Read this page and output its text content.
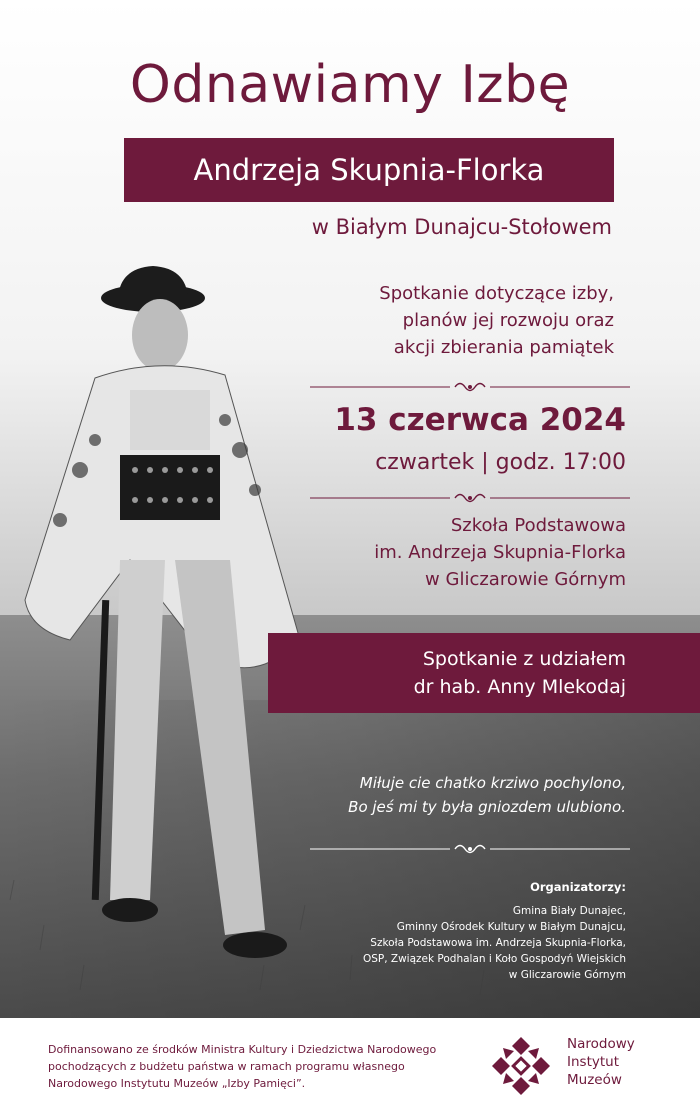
Odnawiamy Izbę
Andrzeja Skupnia-Florka
w Białym Dunajcu-Stołowem
Spotkanie dotyczące izby,
planów jej rozwoju oraz
akcji zbierania pamiątek
13 czerwca 2024
czwartek | godz. 17:00
Szkoła Podstawowa
im. Andrzeja Skupnia-Florka
w Gliczarowie Górnym
Spotkanie z udziałem
dr hab. Anny Mlekodaj
Miłuje cie chatko krziwo pochylono,
Bo jeś mi ty była gniozdem ulubiono.
Organizatorzy:
Gmina Biały Dunajec,
Gminny Ośrodek Kultury w Białym Dunajcu,
Szkoła Podstawowa im. Andrzeja Skupnia-Florka,
OSP, Związek Podhalan i Koło Gospodyń Wiejskich
w Gliczarowie Górnym
Dofinansowano ze środków Ministra Kultury i Dziedzictwa Narodowego
pochodzących z budżetu państwa w ramach programu własnego
Narodowego Instytutu Muzeów „Izby Pamięci”.
Narodowy
Instytut
Muzeów
